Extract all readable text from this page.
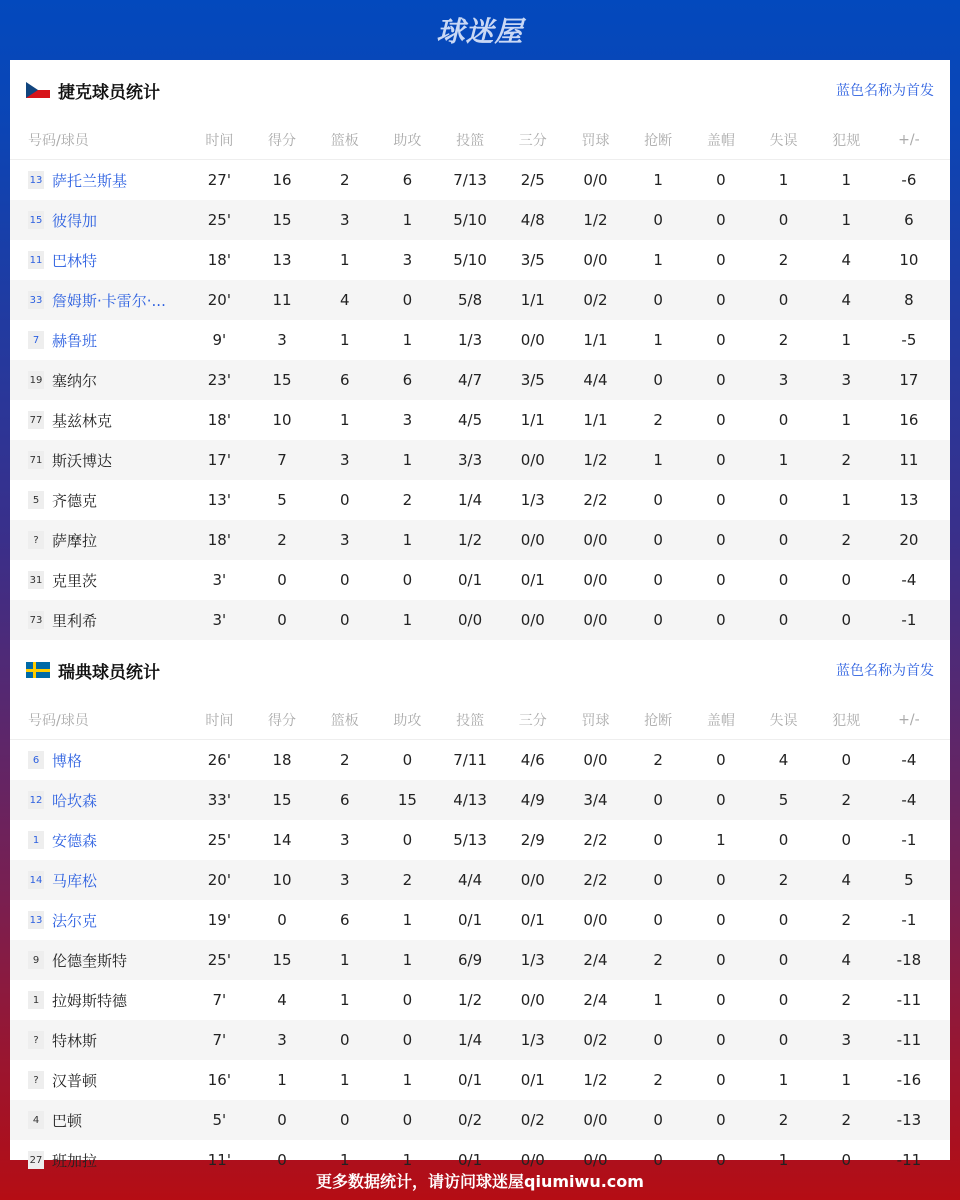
球迷屋
捷克球员统计	蓝色名称为首发
号码/球员	时间	得分	篮板	助攻	投篮	三分	罚球	抢断	盖帽	失误	犯规	+/-
13 萨托兰斯基	27'	16	2	6	7/13	2/5	0/0	1	0	1	1	-6
15 彼得加	25'	15	3	1	5/10	4/8	1/2	0	0	0	1	6
11 巴林特	18'	13	1	3	5/10	3/5	0/0	1	0	2	4	10
33 詹姆斯·卡雷尔·...	20'	11	4	0	5/8	1/1	0/2	0	0	0	4	8
7 赫鲁班	9'	3	1	1	1/3	0/0	1/1	1	0	2	1	-5
19 塞纳尔	23'	15	6	6	4/7	3/5	4/4	0	0	3	3	17
77 基兹林克	18'	10	1	3	4/5	1/1	1/1	2	0	0	1	16
71 斯沃博达	17'	7	3	1	3/3	0/0	1/2	1	0	1	2	11
5 齐德克	13'	5	0	2	1/4	1/3	2/2	0	0	0	1	13
? 萨摩拉	18'	2	3	1	1/2	0/0	0/0	0	0	0	2	20
31 克里茨	3'	0	0	0	0/1	0/1	0/0	0	0	0	0	-4
73 里利希	3'	0	0	1	0/0	0/0	0/0	0	0	0	0	-1
瑞典球员统计	蓝色名称为首发
号码/球员	时间	得分	篮板	助攻	投篮	三分	罚球	抢断	盖帽	失误	犯规	+/-
6 博格	26'	18	2	0	7/11	4/6	0/0	2	0	4	0	-4
12 哈坎森	33'	15	6	15	4/13	4/9	3/4	0	0	5	2	-4
1 安德森	25'	14	3	0	5/13	2/9	2/2	0	1	0	0	-1
14 马库松	20'	10	3	2	4/4	0/0	2/2	0	0	2	4	5
13 法尔克	19'	0	6	1	0/1	0/1	0/0	0	0	0	2	-1
9 伦德奎斯特	25'	15	1	1	6/9	1/3	2/4	2	0	0	4	-18
1 拉姆斯特德	7'	4	1	0	1/2	0/0	2/4	1	0	0	2	-11
? 特林斯	7'	3	0	0	1/4	1/3	0/2	0	0	0	3	-11
? 汉普顿	16'	1	1	1	0/1	0/1	1/2	2	0	1	1	-16
4 巴顿	5'	0	0	0	0/2	0/2	0/0	0	0	2	2	-13
27 班加拉	11'	0	1	1	0/1	0/0	0/0	0	0	1	0	-11
更多数据统计，请访问球迷屋qiumiwu.com
